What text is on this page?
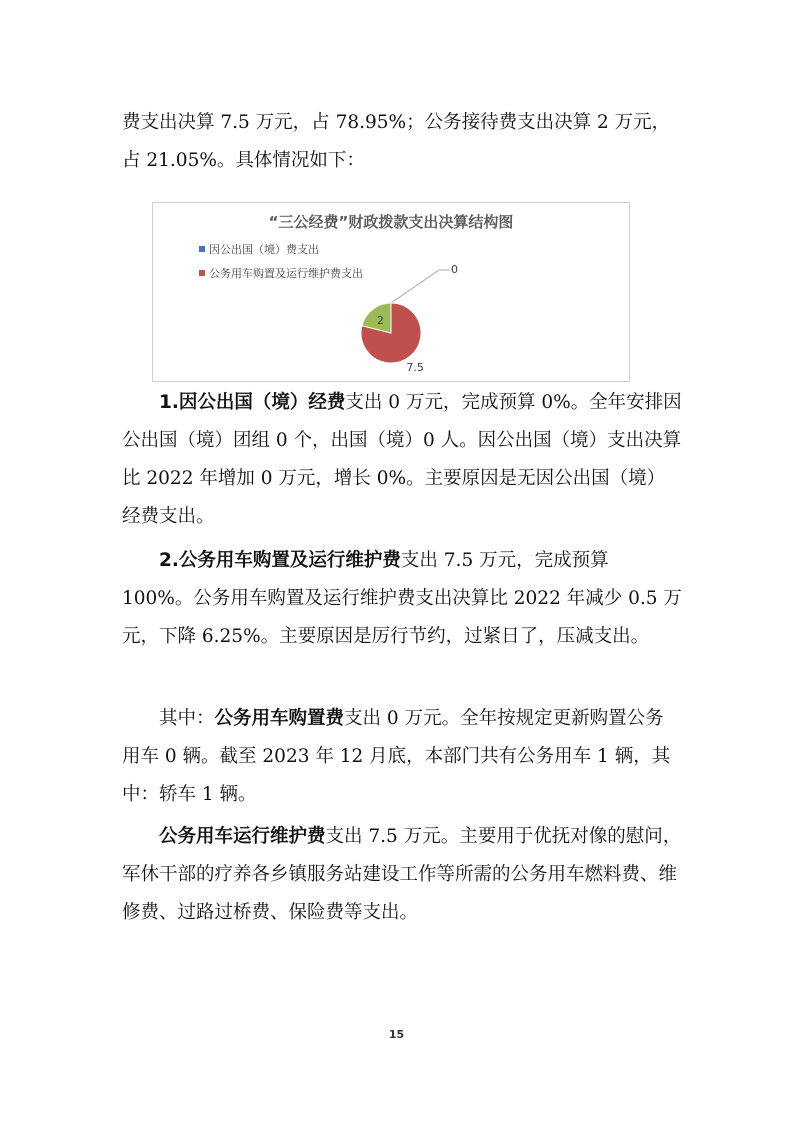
费支出决算 7.5 万元，占 78.95%；公务接待费支出决算 2 万元，占 21.05%。具体情况如下：

“三公经费”财政拨款支出决算结构图
因公出国（境）费支出
公务用车购置及运行维护费支出	0
7.5
2

1.因公出国（境）经费支出 0 万元，完成预算 0%。全年安排因公出国（境）团组 0 个，出国（境）0 人。因公出国（境）支出决算比 2022 年增加 0 万元，增长 0%。主要原因是无因公出国（境）经费支出。

2.公务用车购置及运行维护费支出 7.5 万元，完成预算 100%。公务用车购置及运行维护费支出决算比 2022 年减少 0.5 万元，下降 6.25%。主要原因是厉行节约，过紧日了，压减支出。

其中：公务用车购置费支出 0 万元。全年按规定更新购置公务用车 0 辆。截至 2023 年 12 月底，本部门共有公务用车 1 辆，其中：轿车 1 辆。

公务用车运行维护费支出 7.5 万元。主要用于优抚对像的慰问，军休干部的疗养各乡镇服务站建设工作等所需的公务用车燃料费、维修费、过路过桥费、保险费等支出。

15
